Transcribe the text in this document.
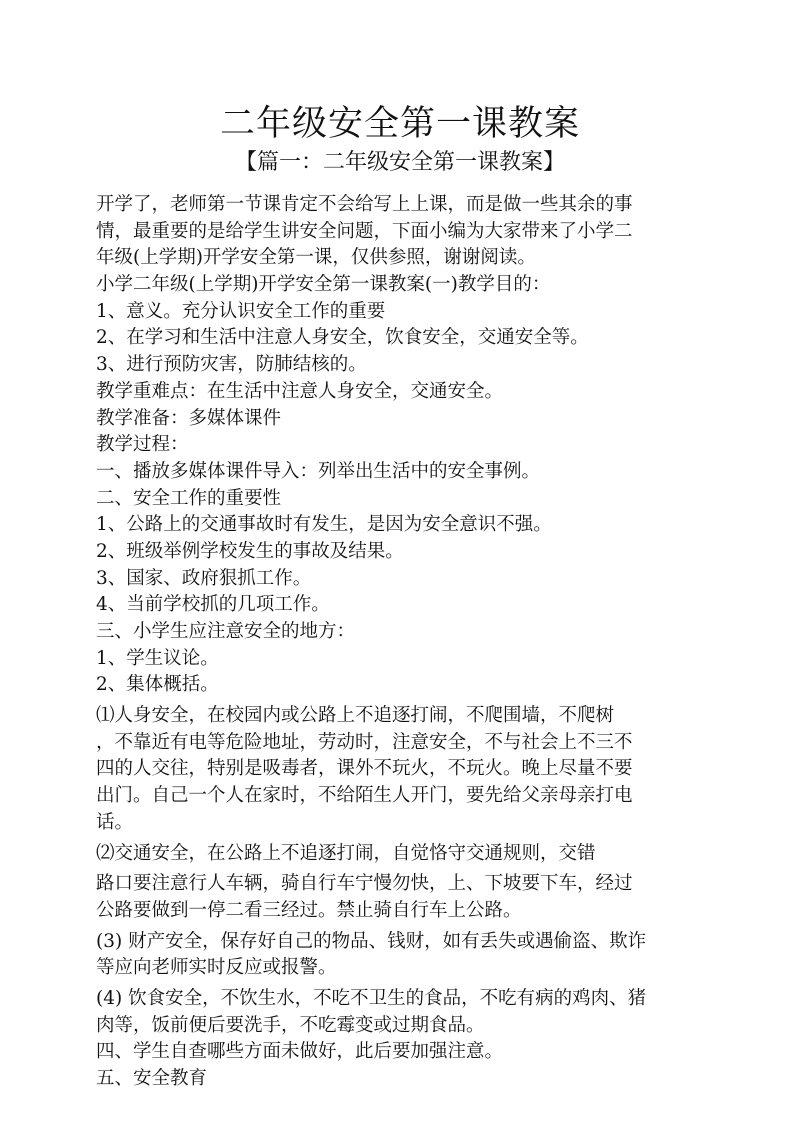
二年级安全第一课教案
【篇一：二年级安全第一课教案】

开学了，老师第一节课肯定不会给写上上课，而是做一些其余的事

情，最重要的是给学生讲安全问题，下面小编为大家带来了小学二

年级(上学期)开学安全第一课，仅供参照，谢谢阅读。

小学二年级(上学期)开学安全第一课教案(一)教学目的：

1、意义。充分认识安全工作的重要

2、在学习和生活中注意人身安全，饮食安全，交通安全等。

3、进行预防灾害，防肺结核的。

教学重难点：在生活中注意人身安全，交通安全。

教学准备：多媒体课件

教学过程：

一、播放多媒体课件导入：列举出生活中的安全事例。

二、安全工作的重要性

1、公路上的交通事故时有发生，是因为安全意识不强。

2、班级举例学校发生的事故及结果。

3、国家、政府狠抓工作。

4、当前学校抓的几项工作。

三、小学生应注意安全的地方：

1、学生议论。

2、集体概括。

⑴人身安全，在校园内或公路上不追逐打闹，不爬围墙，不爬树

，不靠近有电等危险地址，劳动时，注意安全，不与社会上不三不

四的人交往，特别是吸毒者，课外不玩火，不玩火。晚上尽量不要

出门。自己一个人在家时，不给陌生人开门，要先给父亲母亲打电

话。

⑵交通安全，在公路上不追逐打闹，自觉恪守交通规则，交错

路口要注意行人车辆，骑自行车宁慢勿快，上、下坡要下车，经过

公路要做到一停二看三经过。禁止骑自行车上公路。

(3) 财产安全，保存好自己的物品、钱财，如有丢失或遇偷盗、欺诈

等应向老师实时反应或报警。

(4) 饮食安全，不饮生水，不吃不卫生的食品，不吃有病的鸡肉、猪

肉等，饭前便后要洗手，不吃霉变或过期食品。

四、学生自查哪些方面未做好，此后要加强注意。

五、安全教育
